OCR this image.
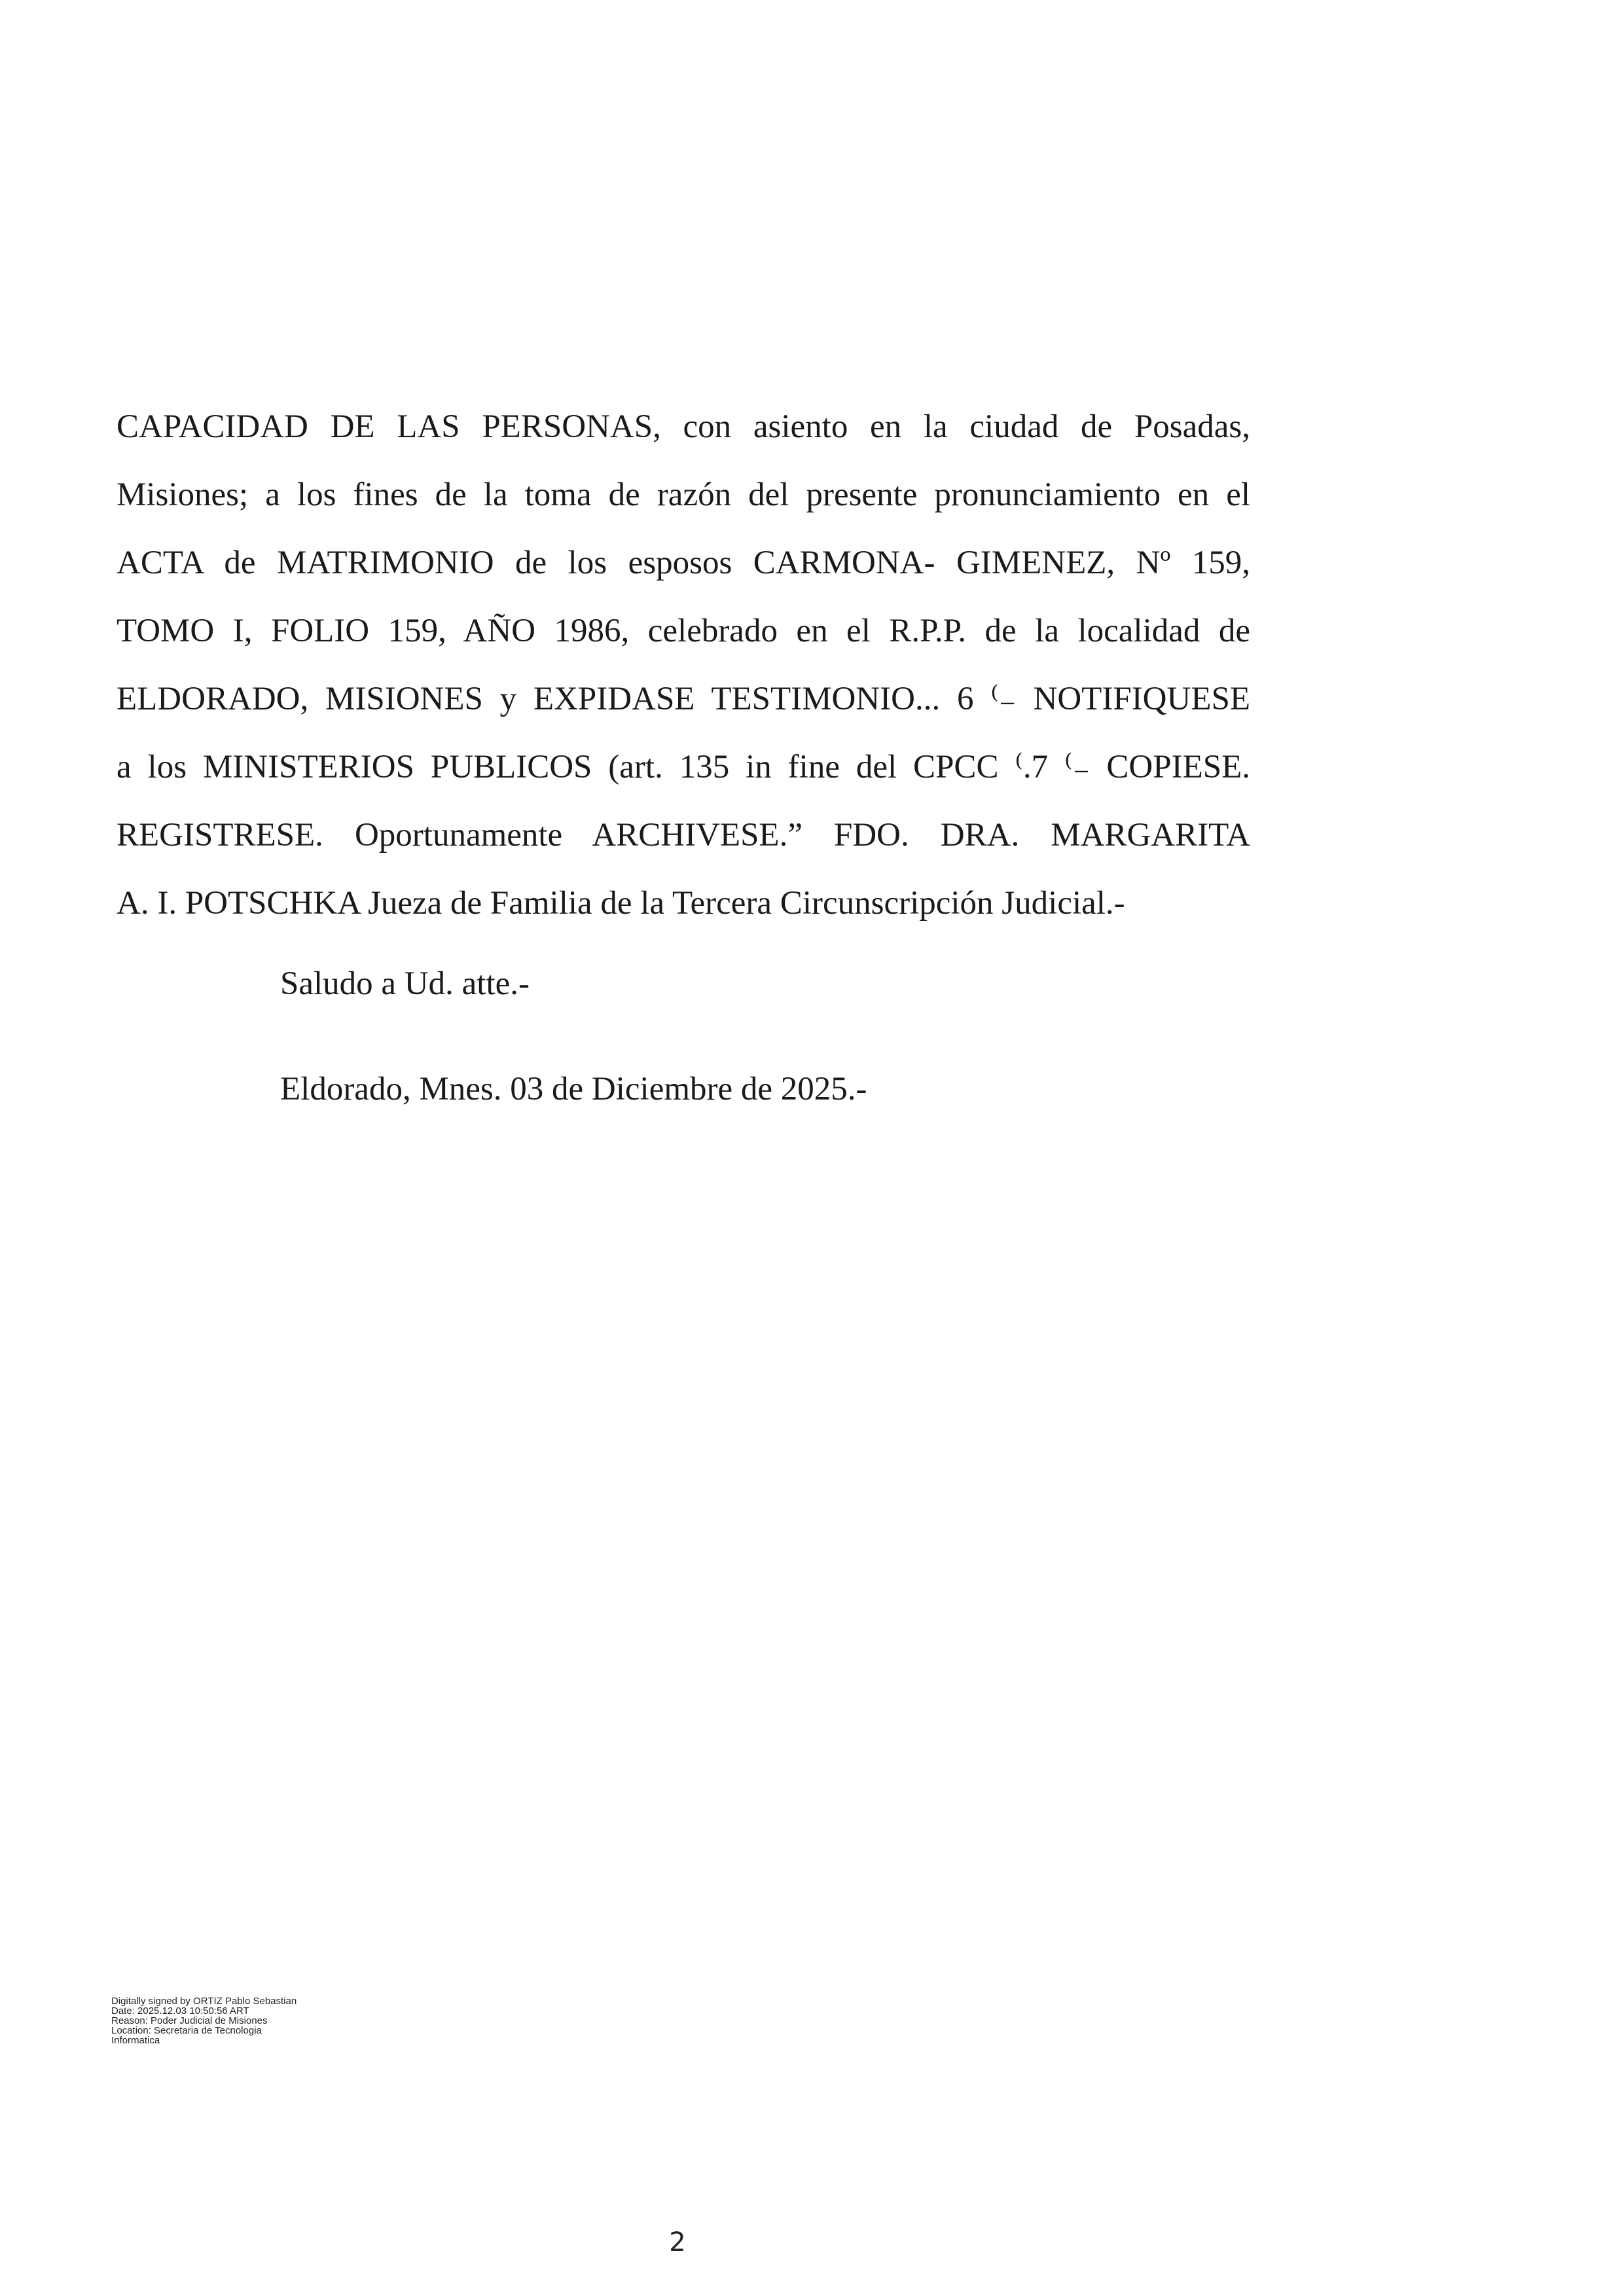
CAPACIDAD DE LAS PERSONAS, con asiento en la ciudad de Posadas,
Misiones; a los fines de la toma de razón del presente pronunciamiento en el
ACTA de MATRIMONIO de los esposos CARMONA- GIMENEZ, Nº 159,
TOMO I, FOLIO 159, AÑO 1986, celebrado en el R.P.P. de la localidad de
ELDORADO, MISIONES y EXPIDASE TESTIMONIO... 6 ⁽₋ NOTIFIQUESE
a los MINISTERIOS PUBLICOS (art. 135 in fine del CPCC ⁽.7 ⁽₋ COPIESE.
REGISTRESE. Oportunamente ARCHIVESE.” FDO. DRA. MARGARITA
A. I. POTSCHKA Jueza de Familia de la Tercera Circunscripción Judicial.-
Saludo a Ud. atte.-
Eldorado, Mnes. 03 de Diciembre de 2025.-
Digitally signed by ORTIZ Pablo Sebastian
Date: 2025.12.03 10:50:56 ART
Reason: Poder Judicial de Misiones
Location: Secretaria de Tecnologia
Informatica
2
